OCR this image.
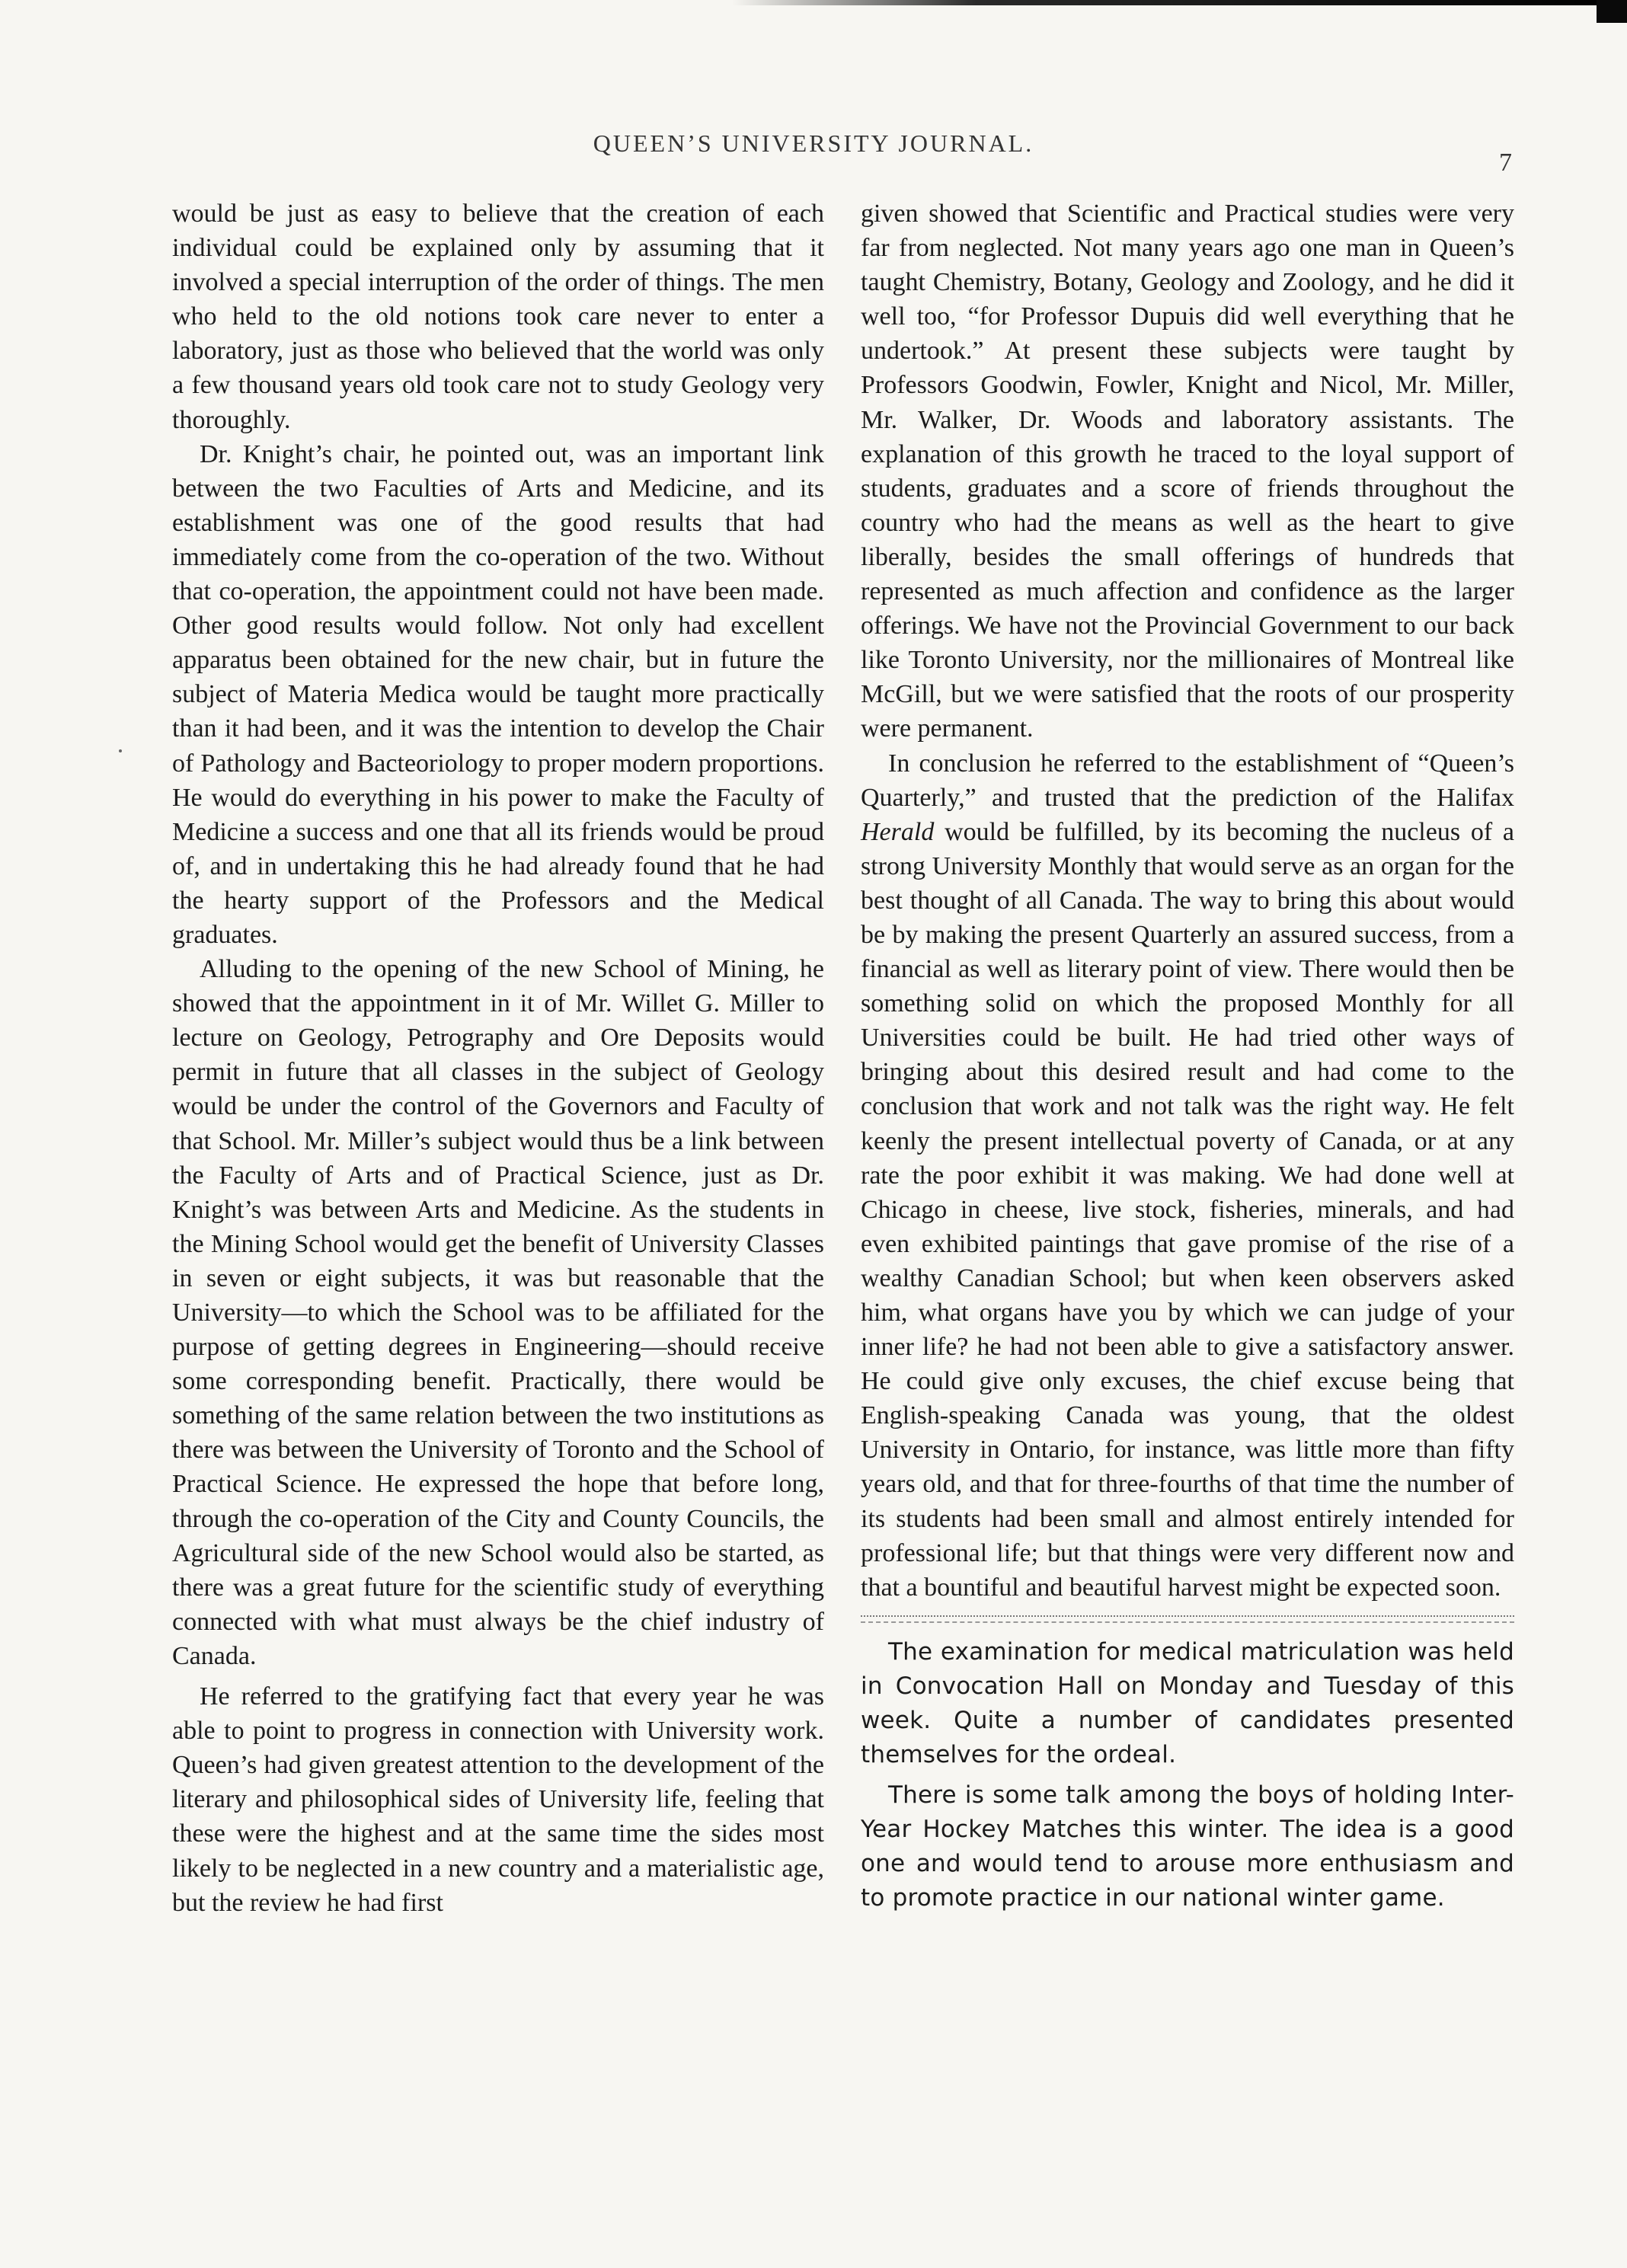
QUEEN’S UNIVERSITY JOURNAL.
7

would be just as easy to believe that the creation of each individual could be explained only by assuming that it involved a special interruption of the order of things. The men who held to the old notions took care never to enter a laboratory, just as those who believed that the world was only a few thousand years old took care not to study Geology very thoroughly.

Dr. Knight’s chair, he pointed out, was an important link between the two Faculties of Arts and Medicine, and its establishment was one of the good results that had immediately come from the co-operation of the two. Without that co-operation, the appointment could not have been made. Other good results would follow. Not only had excellent apparatus been obtained for the new chair, but in future the subject of Materia Medica would be taught more practically than it had been, and it was the intention to develop the Chair of Pathology and Bacteoriology to proper modern proportions. He would do everything in his power to make the Faculty of Medicine a success and one that all its friends would be proud of, and in undertaking this he had already found that he had the hearty support of the Professors and the Medical graduates.

Alluding to the opening of the new School of Mining, he showed that the appointment in it of Mr. Willet G. Miller to lecture on Geology, Petrography and Ore Deposits would permit in future that all classes in the subject of Geology would be under the control of the Governors and Faculty of that School. Mr. Miller’s subject would thus be a link between the Faculty of Arts and of Practical Science, just as Dr. Knight’s was between Arts and Medicine. As the students in the Mining School would get the benefit of University Classes in seven or eight subjects, it was but reasonable that the University—to which the School was to be affiliated for the purpose of getting degrees in Engineering—should receive some corresponding benefit. Practically, there would be something of the same relation between the two institutions as there was between the University of Toronto and the School of Practical Science. He expressed the hope that before long, through the co-operation of the City and County Councils, the Agricultural side of the new School would also be started, as there was a great future for the scientific study of everything connected with what must always be the chief industry of Canada.

He referred to the gratifying fact that every year he was able to point to progress in connection with University work. Queen’s had given greatest attention to the development of the literary and philosophical sides of University life, feeling that these were the highest and at the same time the sides most likely to be neglected in a new country and a materialistic age, but the review he had first

given showed that Scientific and Practical studies were very far from neglected. Not many years ago one man in Queen’s taught Chemistry, Botany, Geology and Zoology, and he did it well too, “for Professor Dupuis did well everything that he undertook.” At present these subjects were taught by Professors Goodwin, Fowler, Knight and Nicol, Mr. Miller, Mr. Walker, Dr. Woods and laboratory assistants. The explanation of this growth he traced to the loyal support of students, graduates and a score of friends throughout the country who had the means as well as the heart to give liberally, besides the small offerings of hundreds that represented as much affection and confidence as the larger offerings. We have not the Provincial Government to our back like Toronto University, nor the millionaires of Montreal like McGill, but we were satisfied that the roots of our prosperity were permanent.

In conclusion he referred to the establishment of “Queen’s Quarterly,” and trusted that the prediction of the Halifax Herald would be fulfilled, by its becoming the nucleus of a strong University Monthly that would serve as an organ for the best thought of all Canada. The way to bring this about would be by making the present Quarterly an assured success, from a financial as well as literary point of view. There would then be something solid on which the proposed Monthly for all Universities could be built. He had tried other ways of bringing about this desired result and had come to the conclusion that work and not talk was the right way. He felt keenly the present intellectual poverty of Canada, or at any rate the poor exhibit it was making. We had done well at Chicago in cheese, live stock, fisheries, minerals, and had even exhibited paintings that gave promise of the rise of a wealthy Canadian School; but when keen observers asked him, what organs have you by which we can judge of your inner life? he had not been able to give a satisfactory answer. He could give only excuses, the chief excuse being that English-speaking Canada was young, that the oldest University in Ontario, for instance, was little more than fifty years old, and that for three-fourths of that time the number of its students had been small and almost entirely intended for professional life; but that things were very different now and that a bountiful and beautiful harvest might be expected soon.

The examination for medical matriculation was held in Convocation Hall on Monday and Tuesday of this week. Quite a number of candidates presented themselves for the ordeal.

There is some talk among the boys of holding Inter-Year Hockey Matches this winter. The idea is a good one and would tend to arouse more enthusiasm and to promote practice in our national winter game.
